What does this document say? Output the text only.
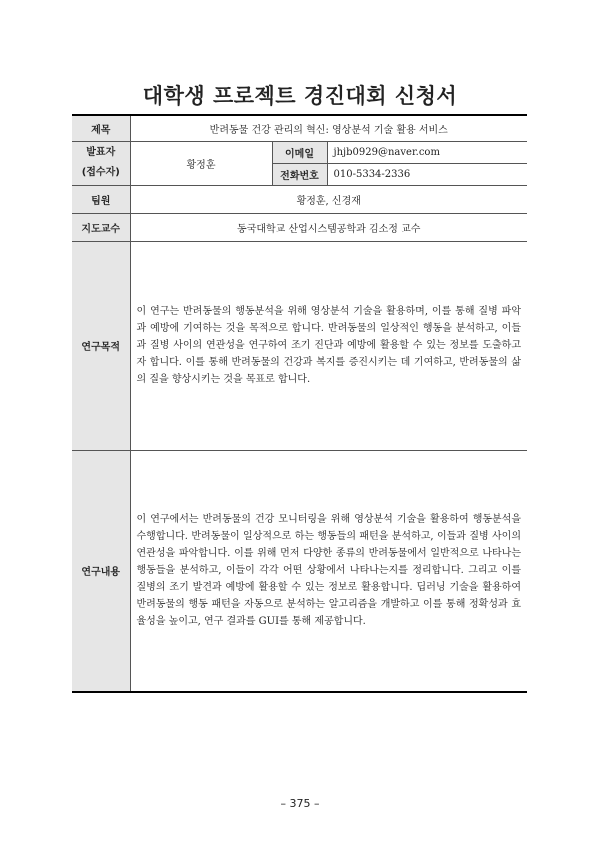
대학생 프로젝트 경진대회 신청서
제목	반려동물 건강 관리의 혁신: 영상분석 기술 활용 서비스		

발표자
(접수자)	황정훈	이메일	jhjb0929@naver.com
		전화번호	010-5334-2336
팀원	황정훈, 신경재		
지도교수	동국대학교 산업시스템공학과 김소정 교수		
연구목적	이 연구는 반려동물의 행동분석을 위해 영상분석 기술을 활용하며, 이를 통해 질병 파악과 예방에 기여하는 것을 목적으로 합니다. 반려동물의 일상적인 행동을 분석하고, 이들과 질병 사이의 연관성을 연구하여 조기 진단과 예방에 활용할 수 있는 정보를 도출하고자 합니다. 이를 통해 반려동물의 건강과 복지를 증진시키는 데 기여하고, 반려동물의 삶의 질을 향상시키는 것을 목표로 합니다.		
연구내용	이 연구에서는 반려동물의 건강 모니터링을 위해 영상분석 기술을 활용하여 행동분석을 수행합니다. 반려동물이 일상적으로 하는 행동들의 패턴을 분석하고, 이들과 질병 사이의 연관성을 파악합니다. 이를 위해 먼저 다양한 종류의 반려동물에서 일반적으로 나타나는 행동들을 분석하고, 이들이 각각 어떤 상황에서 나타나는지를 정리합니다. 그리고 이를 질병의 조기 발견과 예방에 활용할 수 있는 정보로 활용합니다. 딥러닝 기술을 활용하여 반려동물의 행동 패턴을 자동으로 분석하는 알고리즘을 개발하고 이를 통해 정확성과 효율성을 높이고, 연구 결과를 GUI를 통해 제공합니다.		
– 375 –
